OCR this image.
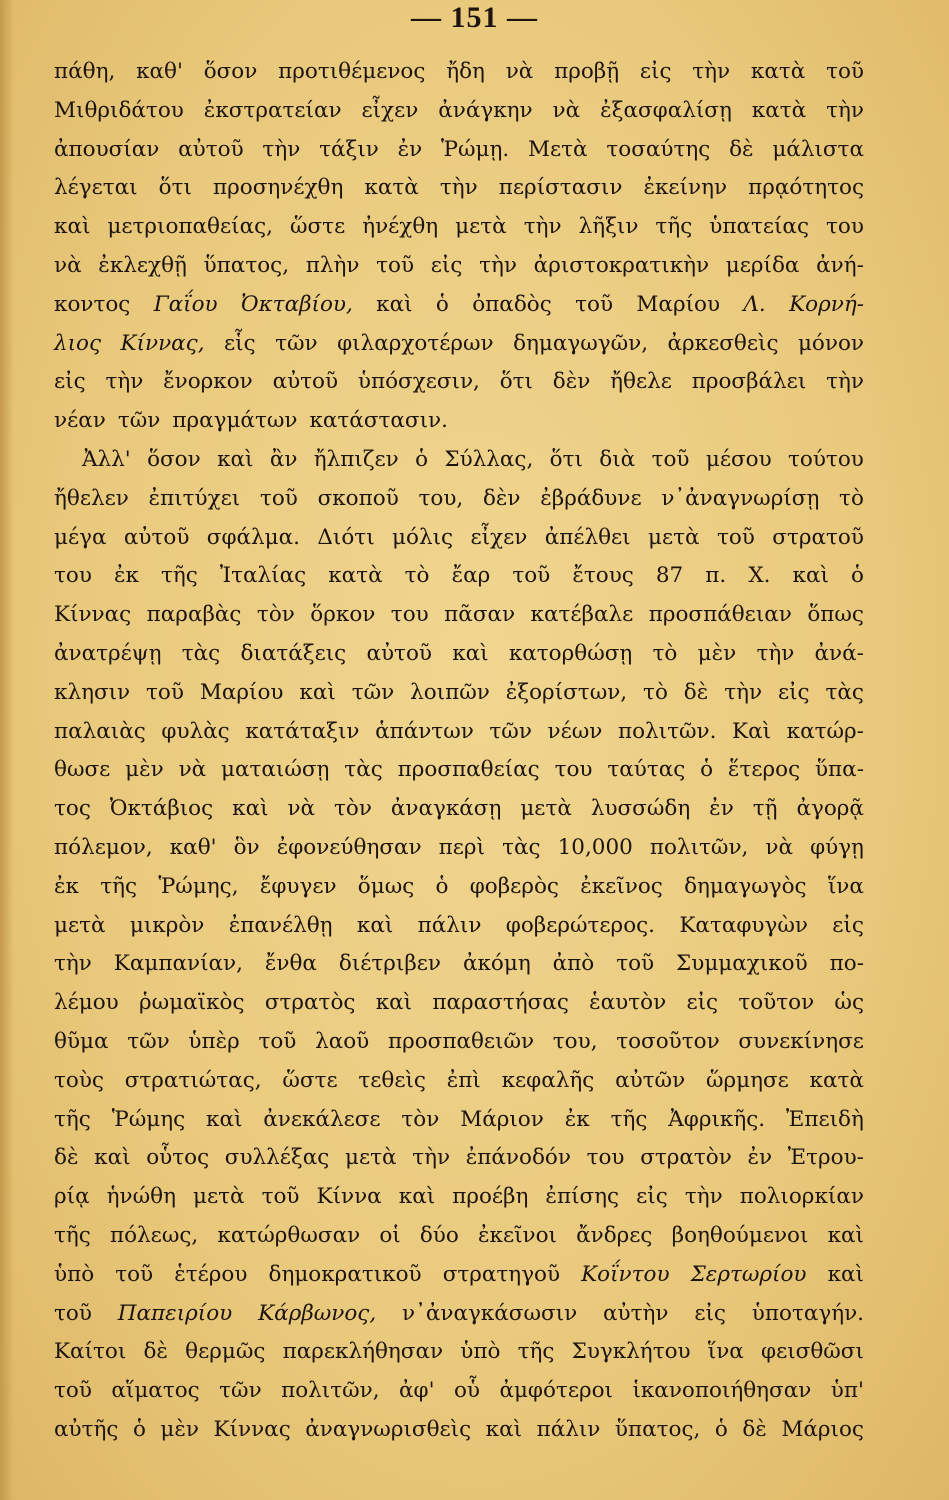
— 151 —
πάθη, καθ' ὅσον προτιθέμενος ἤδη νὰ προβῇ εἰς τὴν κατὰ τοῦ
Μιθριδάτου ἐκστρατείαν εἶχεν ἀνάγκην νὰ ἐξασφαλίσῃ κατὰ τὴν
ἀπουσίαν αὐτοῦ τὴν τάξιν ἐν Ῥώμῃ. Μετὰ τοσαύτης δὲ μάλιστα
λέγεται ὅτι προσηνέχθη κατὰ τὴν περίστασιν ἐκείνην πρᾳότητος
καὶ μετριοπαθείας, ὥστε ἠνέχθη μετὰ τὴν λῆξιν τῆς ὑπατείας του
νὰ ἐκλεχθῇ ὕπατος, πλὴν τοῦ εἰς τὴν ἀριστοκρατικὴν μερίδα ἀνή-
κοντος Γαΐου Ὀκταβίου, καὶ ὁ ὀπαδὸς τοῦ Μαρίου Λ. Κορνή-
λιος Κίννας, εἷς τῶν φιλαρχοτέρων δημαγωγῶν, ἀρκεσθεὶς μόνον
εἰς τὴν ἔνορκον αὐτοῦ ὑπόσχεσιν, ὅτι δὲν ἤθελε προσβάλει τὴν
νέαν τῶν πραγμάτων κατάστασιν.
Ἀλλ' ὅσον καὶ ἂν ἤλπιζεν ὁ Σύλλας, ὅτι διὰ τοῦ μέσου τούτου
ἤθελεν ἐπιτύχει τοῦ σκοποῦ του, δὲν ἐβράδυνε ν᾽ἀναγνωρίσῃ τὸ
μέγα αὐτοῦ σφάλμα. Διότι μόλις εἶχεν ἀπέλθει μετὰ τοῦ στρατοῦ
του ἐκ τῆς Ἰταλίας κατὰ τὸ ἔαρ τοῦ ἔτους 87 π. Χ. καὶ ὁ
Κίννας παραβὰς τὸν ὅρκον του πᾶσαν κατέβαλε προσπάθειαν ὅπως
ἀνατρέψῃ τὰς διατάξεις αὐτοῦ καὶ κατορθώσῃ τὸ μὲν τὴν ἀνά-
κλησιν τοῦ Μαρίου καὶ τῶν λοιπῶν ἐξορίστων, τὸ δὲ τὴν εἰς τὰς
παλαιὰς φυλὰς κατάταξιν ἁπάντων τῶν νέων πολιτῶν. Καὶ κατώρ-
θωσε μὲν νὰ ματαιώσῃ τὰς προσπαθείας του ταύτας ὁ ἕτερος ὕπα-
τος Ὀκτάβιος καὶ νὰ τὸν ἀναγκάσῃ μετὰ λυσσώδη ἐν τῇ ἀγορᾷ
πόλεμον, καθ' ὃν ἐφονεύθησαν περὶ τὰς 10,000 πολιτῶν, νὰ φύγῃ
ἐκ τῆς Ῥώμης, ἔφυγεν ὅμως ὁ φοβερὸς ἐκεῖνος δημαγωγὸς ἵνα
μετὰ μικρὸν ἐπανέλθῃ καὶ πάλιν φοβερώτερος. Καταφυγὼν εἰς
τὴν Καμπανίαν, ἔνθα διέτριβεν ἀκόμη ἀπὸ τοῦ Συμμαχικοῦ πο-
λέμου ῥωμαϊκὸς στρατὸς καὶ παραστήσας ἑαυτὸν εἰς τοῦτον ὡς
θῦμα τῶν ὑπὲρ τοῦ λαοῦ προσπαθειῶν του, τοσοῦτον συνεκίνησε
τοὺς στρατιώτας, ὥστε τεθεὶς ἐπὶ κεφαλῆς αὐτῶν ὥρμησε κατὰ
τῆς Ῥώμης καὶ ἀνεκάλεσε τὸν Μάριον ἐκ τῆς Ἀφρικῆς. Ἐπειδὴ
δὲ καὶ οὗτος συλλέξας μετὰ τὴν ἐπάνοδόν του στρατὸν ἐν Ἐτρου-
ρίᾳ ἡνώθη μετὰ τοῦ Κίννα καὶ προέβη ἐπίσης εἰς τὴν πολιορκίαν
τῆς πόλεως, κατώρθωσαν οἱ δύο ἐκεῖνοι ἄνδρες βοηθούμενοι καὶ
ὑπὸ τοῦ ἑτέρου δημοκρατικοῦ στρατηγοῦ Κοΐντου Σερτωρίου καὶ
τοῦ Παπειρίου Κάρβωνος, ν᾽ἀναγκάσωσιν αὐτὴν εἰς ὑποταγήν.
Καίτοι δὲ θερμῶς παρεκλήθησαν ὑπὸ τῆς Συγκλήτου ἵνα φεισθῶσι
τοῦ αἵματος τῶν πολιτῶν, ἀφ' οὗ ἀμφότεροι ἱκανοποιήθησαν ὑπ'
αὐτῆς ὁ μὲν Κίννας ἀναγνωρισθεὶς καὶ πάλιν ὕπατος, ὁ δὲ Μάριος
